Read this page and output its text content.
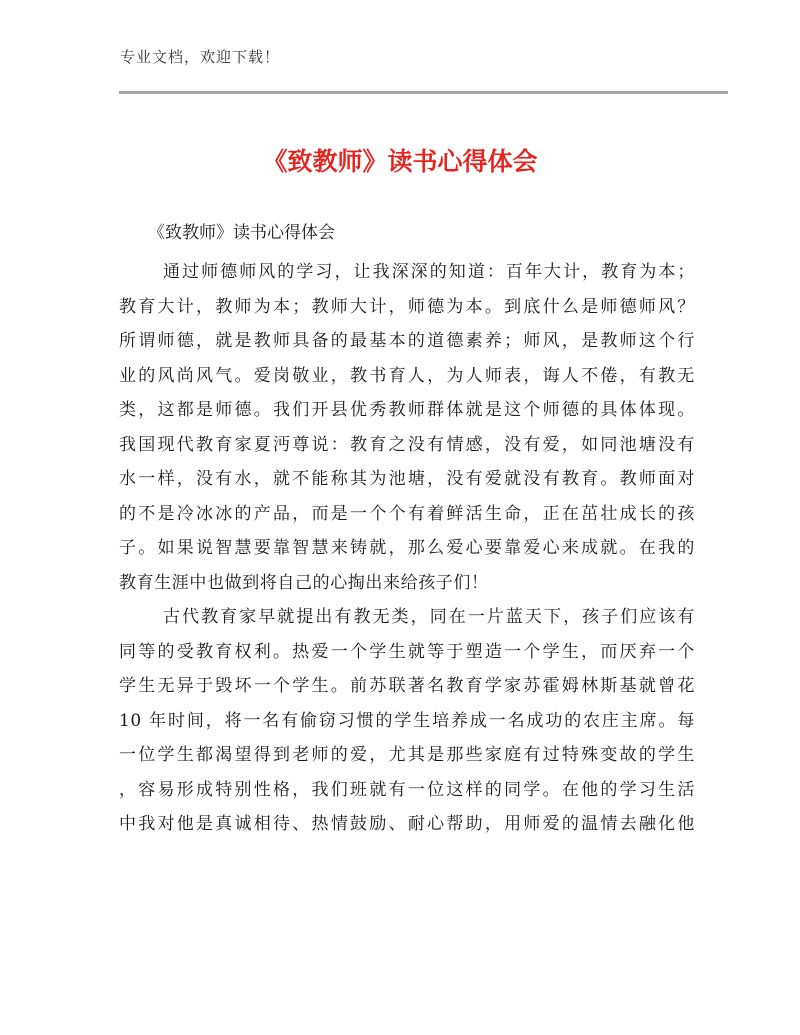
专业文档，欢迎下载！
《致教师》读书心得体会
《致教师》读书心得体会
通过师德师风的学习，让我深深的知道：百年大计，教育为本；
教育大计，教师为本；教师大计，师德为本。到底什么是师德师风？
所谓师德，就是教师具备的最基本的道德素养；师风，是教师这个行
业的风尚风气。爱岗敬业，教书育人，为人师表，诲人不倦，有教无
类，这都是师德。我们开县优秀教师群体就是这个师德的具体体现。
我国现代教育家夏沔尊说：教育之没有情感，没有爱，如同池塘没有
水一样，没有水，就不能称其为池塘，没有爱就没有教育。教师面对
的不是冷冰冰的产品，而是一个个有着鲜活生命，正在茁壮成长的孩
子。如果说智慧要靠智慧来铸就，那么爱心要靠爱心来成就。在我的
教育生涯中也做到将自己的心掏出来给孩子们！
古代教育家早就提出有教无类，同在一片蓝天下，孩子们应该有
同等的受教育权利。热爱一个学生就等于塑造一个学生，而厌弃一个
学生无异于毁坏一个学生。前苏联著名教育学家苏霍姆林斯基就曾花
10 年时间，将一名有偷窃习惯的学生培养成一名成功的农庄主席。每
一位学生都渴望得到老师的爱，尤其是那些家庭有过特殊变故的学生
，容易形成特别性格，我们班就有一位这样的同学。在他的学习生活
中我对他是真诚相待、热情鼓励、耐心帮助，用师爱的温情去融化他
